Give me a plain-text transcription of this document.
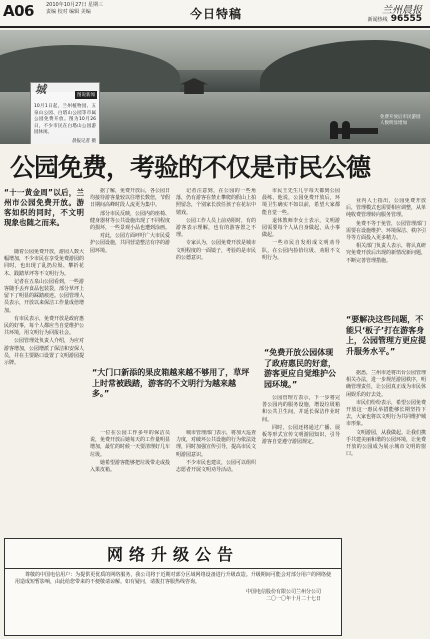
A06 2010年10月27日 星期三
责编 校对 编辑 美编	今日特稿	兰州晨报
新闻热线 96555
城	图说新闻
10月1日起，兰州植物园、五泉山公园、白塔山公园等市属公园免费开放。图为10月26日，不少市民在白塔山公园游园休闲。
晨报记者 摄
免费开放后市民游园人数明显增加
公园免费，考验的不仅是市民公德
“十一黄金周”以后，兰州市公园免费开放。游客如织的同时，不文明现象也随之而来。

随着公园免费开放，游园人数大幅增加，不少市民在享受免费游园的同时，也出现了乱扔垃圾、攀折花木、践踏草坪等不文明行为。

记者在五泉山公园看到，一些游客随手丢弃食品包装袋，部分草坪上留下了明显的踩踏痕迹。公园管理人员表示，开放以来保洁工作量成倍增加。

有市民表示，免费开放是政府惠民的好事，每个人都应当自觉维护公共环境，用文明行为回报社会。

公园管理处负责人介绍，为应对游客增加，公园增派了保洁和安保人员，并在主要路口设置了文明游园提示牌。

据了解，免费开放后，各公园日均接待游客量较以往增长数倍，节假日期间高峰时段人流更为集中。

部分市民反映，公园内的座椅、健身器材等公共设施出现了不同程度的损坏，一些景观小品也遭到涂画。

对此，公园方面呼吁广大市民爱护公园设施，共同营造整洁有序的游园环境。

记者注意到，在公园的一些角落，仍有游客在禁止攀爬的假山上拍照留念，个别家长放任孩子在花坛中嬉戏。

公园工作人员上前劝阻时，有的游客表示理解，也有的游客置之不理。

专家认为，公园免费开放是城市文明程度的一面镜子，考验的是市民的公德意识。

“大门口新添的果皮箱越来越不够用了，草坪上时常被践踏，游客的不文明行为越来越多。”

一位在公园工作多年的保洁员说，免费开放后她每天的工作量明显增加，最忙的时候一天要清理好几车垃圾。

她希望游客能够把垃圾带走或投入果皮箱。

城市管理部门表示，将加大巡查力度，对破坏公共设施的行为依法处理，同时加强宣传引导，提高市民文明游园意识。

不少市民也建议，公园可以组织志愿者开展文明劝导活动。

市民王先生几乎每天都到公园晨练，他说，公园免费开放后，环境卫生确实不如以前，希望大家都能自觉一些。

退休教师李女士表示，文明游园需要每个人从自身做起，从小事做起。

一些市民自发组成文明劝导队，在公园内捡拾垃圾、劝阻不文明行为。

“免费开放公园体现了政府惠民的好意，游客更应自觉维护公园环境。”

公园管理方表示，下一步将完善公园内的服务设施，增设垃圾箱和公共卫生间，并延长保洁作业时间。

同时，公园还将通过广播、展板等形式宣传文明游园知识，引导游客自觉遵守游园规定。

业内人士指出，公园免费开放后，管理模式也需要相应调整，从单纯收费管理转向服务管理。

免费不等于免管，公园管理部门需要在设施维护、环境保洁、秩序引导等方面投入更多精力。

相关部门负责人表示，将认真研究免费开放后出现的新情况新问题，不断完善管理措施。

“要解决这些问题，不能只‘板子’打在游客身上，公园管理方更应提升服务水平。”

据悉，兰州市还将出台公园管理相关办法，进一步规范游园秩序，明确管理责任，让公园真正成为市民休闲娱乐的好去处。

市民们纷纷表示，希望公园免费开放这一惠民举措能够长期坚持下去，大家也将以文明行为共同维护城市形象。

文明游园，从我做起。让我们携手共建美丽和谐的公园环境，让免费开放的公园成为展示城市文明的窗口。

网络升级公告
尊敬的中国电信用户：为提供更优质的网络服务，我公司将于近期对部分区域网络设备进行升级改造。升级期间可能会对部分用户的网络使用造成短暂影响，由此给您带来的不便敬请谅解。如有疑问，请拨打客服热线咨询。
中国电信股份有限公司兰州分公司
二〇一〇年十月二十七日
